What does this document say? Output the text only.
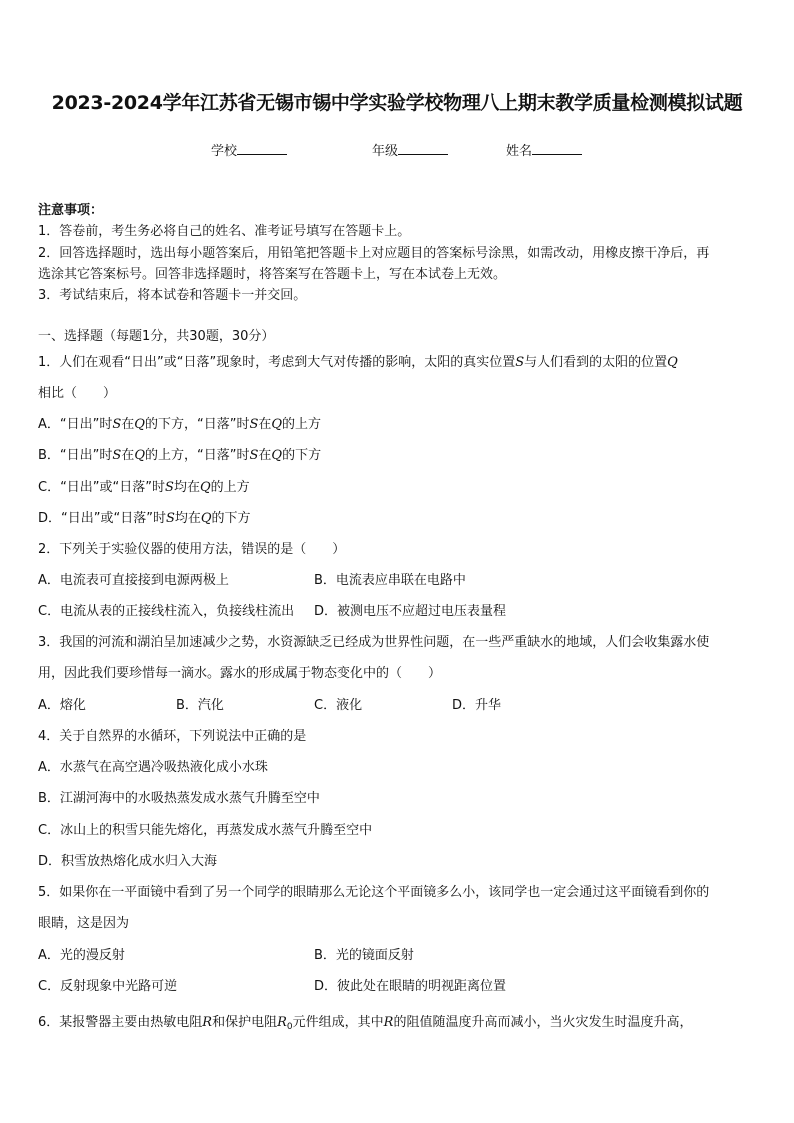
2023-2024学年江苏省无锡市锡中学实验学校物理八上期末教学质量检测模拟试题
学校	年级	姓名
注意事项：
1．答卷前，考生务必将自己的姓名、准考证号填写在答题卡上。
2．回答选择题时，选出每小题答案后，用铅笔把答题卡上对应题目的答案标号涂黑，如需改动，用橡皮擦干净后，再
选涂其它答案标号。回答非选择题时，将答案写在答题卡上，写在本试卷上无效。
3．考试结束后，将本试卷和答题卡一并交回。
一、选择题（每题1分，共30题，30分）
1．人们在观看“日出”或“日落”现象时，考虑到大气对传播的影响，太阳的真实位置S与人们看到的太阳的位置Q
相比（　　）
A．“日出”时S在Q的下方，“日落”时S在Q的上方
B．“日出”时S在Q的上方，“日落”时S在Q的下方
C．“日出”或“日落”时S均在Q的上方
D．“日出”或“日落”时S均在Q的下方
2．下列关于实验仪器的使用方法，错误的是（　　）
A．电流表可直接接到电源两极上	B．电流表应串联在电路中
C．电流从表的正接线柱流入，负接线柱流出 D．被测电压不应超过电压表量程
3．我国的河流和湖泊呈加速减少之势，水资源缺乏已经成为世界性问题，在一些严重缺水的地域，人们会收集露水使
用，因此我们要珍惜每一滴水。露水的形成属于物态变化中的（　　）
A．熔化	B．汽化	C．液化	D．升华
4．关于自然界的水循环，下列说法中正确的是
A．水蒸气在高空遇冷吸热液化成小水珠
B．江湖河海中的水吸热蒸发成水蒸气升腾至空中
C．冰山上的积雪只能先熔化，再蒸发成水蒸气升腾至空中
D．积雪放热熔化成水归入大海
5．如果你在一平面镜中看到了另一个同学的眼睛那么无论这个平面镜多么小，该同学也一定会通过这平面镜看到你的
眼睛，这是因为
A．光的漫反射	B．光的镜面反射
C．反射现象中光路可逆	D．彼此处在眼睛的明视距离位置
6．某报警器主要由热敏电阻R和保护电阻$R_0$元件组成，其中R的阻值随温度升高而减小，当火灾发生时温度升高，
